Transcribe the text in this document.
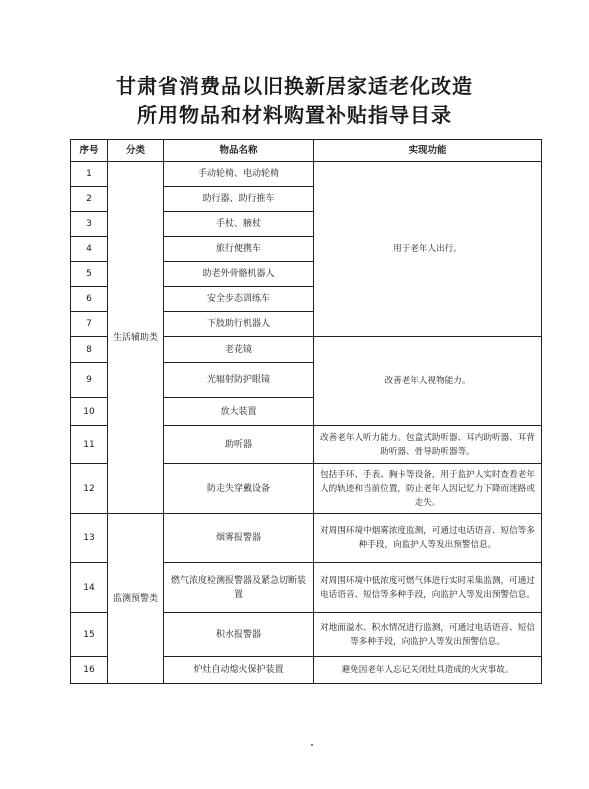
甘肃省消费品以旧换新居家适老化改造
所用物品和材料购置补贴指导目录
序号	分类	物品名称	实现功能
1	生活辅助类	手动轮椅、电动轮椅	用于老年人出行。
2		助行器、助行推车	
3		手杖、腋杖	
4		旅行便携车	
5		助老外骨骼机器人	
6		安全步态训练车	
7		下肢助行机器人	
8		老花镜	改善老年人视物能力。
9		光辐射防护眼镜	
10		放大装置	
11		助听器	改善老年人听力能力。包盒式助听器、耳内助听器、耳背助听器、骨导助听器等。
12		防走失穿戴设备	包括手环、手表、胸卡等设备，用于监护人实时查看老年人的轨迹和当前位置，防止老年人因记忆力下降而迷路或走失。
13	监测预警类	烟雾报警器	对周围环境中烟雾浓度监测，可通过电话语音、短信等多种手段，向监护人等发出预警信息。
14		燃气浓度检测报警器及紧急切断装置	对周围环境中低浓度可燃气体进行实时采集监测，可通过电话语音、短信等多种手段，向监护人等发出预警信息。
15		积水报警器	对地面溢水、积水情况进行监测，可通过电话语音、短信等多种手段，向监护人等发出预警信息。
16		炉灶自动熄火保护装置	避免因老年人忘记关闭灶具造成的火灾事故。
